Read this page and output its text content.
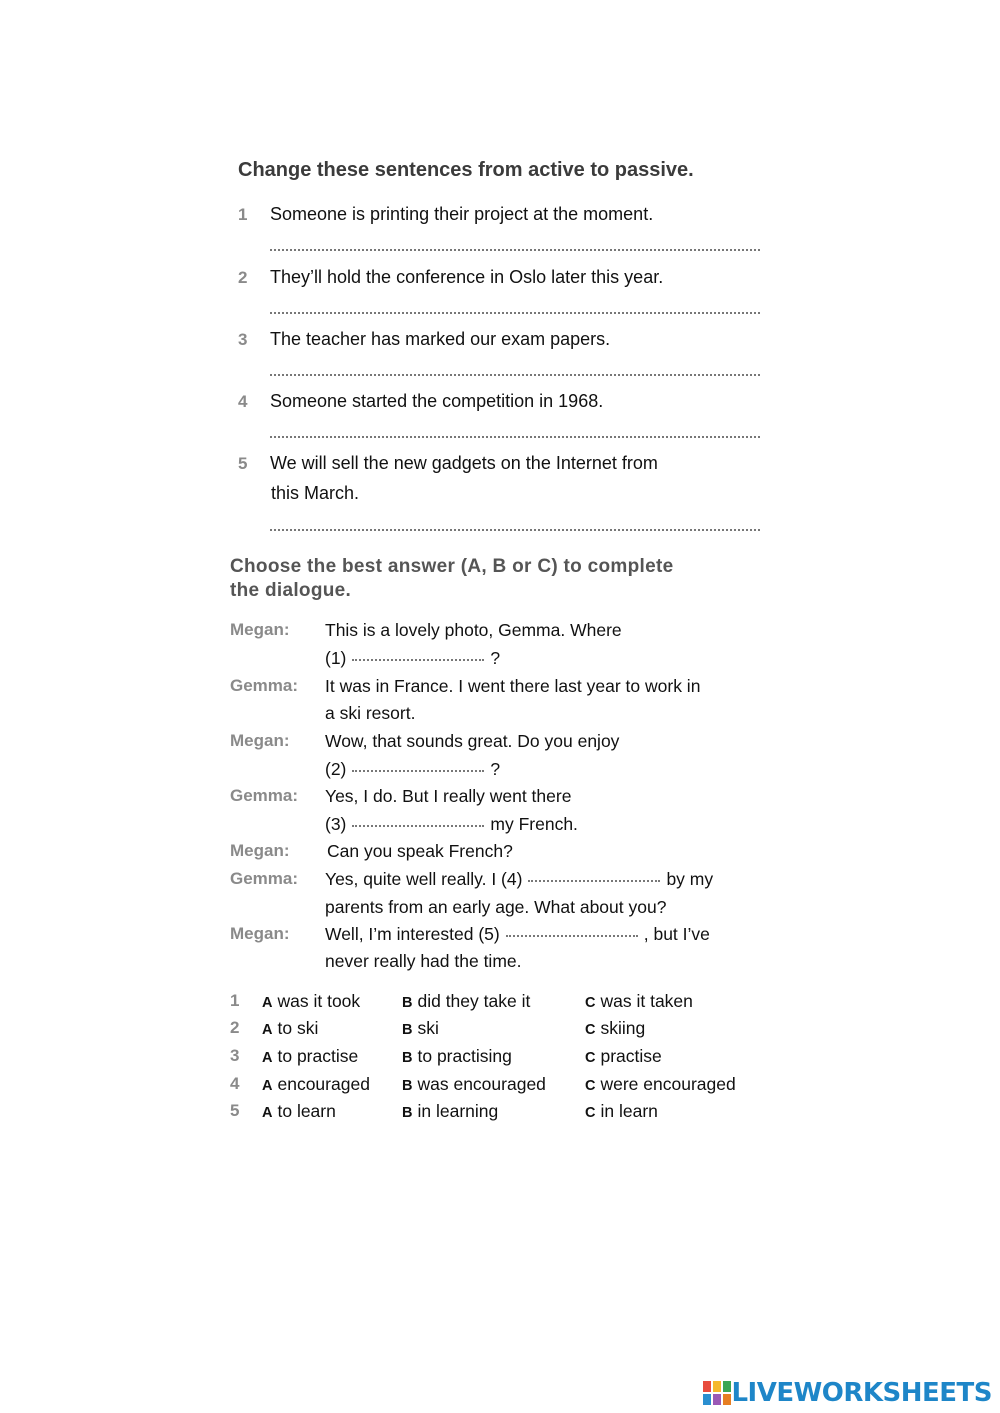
Change these sentences from active to passive.
1 Someone is printing their project at the moment.
2 They’ll hold the conference in Oslo later this year.
3 The teacher has marked our exam papers.
4 Someone started the competition in 1968.
5 We will sell the new gadgets on the Internet from
this March.
Choose the best answer (A, B or C) to complete
the dialogue.
Megan: This is a lovely photo, Gemma. Where
(1)	?
Gemma: It was in France. I went there last year to work in
a ski resort.
Megan: Wow, that sounds great. Do you enjoy
(2)	?
Gemma: Yes, I do. But I really went there
(3)	my French.
Megan: Can you speak French?
Gemma: Yes, quite well really. I (4)	by my
parents from an early age. What about you?
Megan: Well, I’m interested (5)	, but I’ve
never really had the time.
1 A was it took	B did they take it	C was it taken
2 A to ski	B ski	C skiing
3 A to practise	B to practising	C practise
4 A encouraged B was encouraged	C were encouraged
5 A to learn	B in learning	C in learn
LIVEWORKSHEETS
